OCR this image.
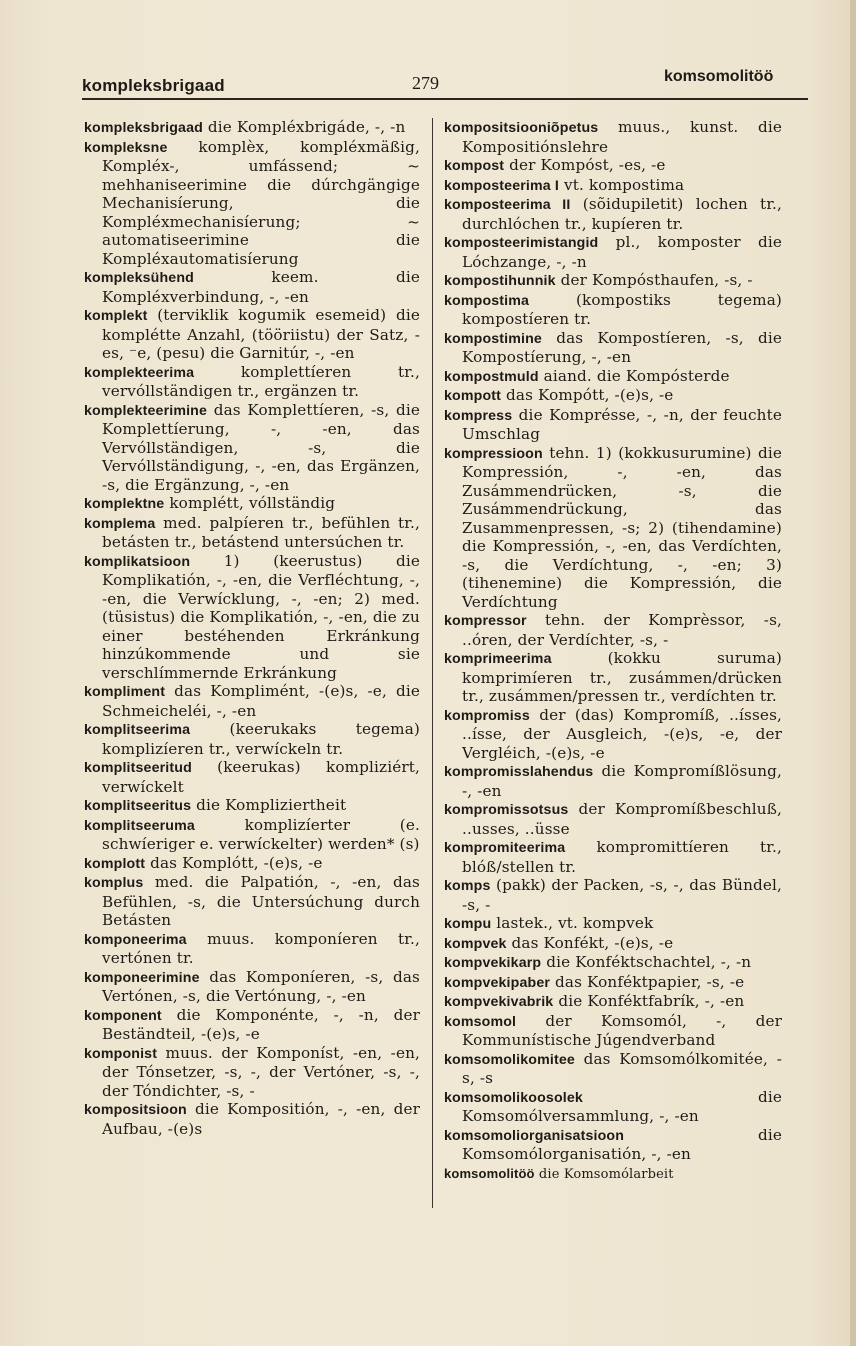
kompleksbrigaad	279	komsomolitöö
kompleksbrigaad die Kompléxbrigáde, -, -n
kompleksne komplèx, kompléxmäßig, Kompléx-, umfássend; ~ mehhaniseerimine die dúrchgängige Mechanisíerung, die Kompléxmechanisíerung; ~ automatiseerimine die Kompléxautomatisíerung
kompleksühend keem. die Kompléxverbindung, -, -en
komplekt (terviklik kogumik esemeid) die komplétte Anzahl, (tööriistu) der Satz, -es, ⁻e, (pesu) die Garnitúr, -, -en
komplekteerima komplettíeren tr., vervóllständigen tr., ergänzen tr.
komplekteerimine das Komplettíeren, -s, die Komplettíerung, -, -en, das Vervóllständigen, -s, die Vervóllständigung, -, -en, das Ergänzen, -s, die Ergänzung, -, -en
komplektne komplétt, vóllständig
komplema med. palpíeren tr., befühlen tr., betásten tr., betástend untersúchen tr.
komplikatsioon 1) (keerustus) die Komplikatión, -, -en, die Verfléchtung, -, -en, die Verwícklung, -, -en; 2) med. (tüsistus) die Komplikatión, -, -en, die zu einer bestéhenden Erkránkung hinzúkommende und sie verschlímmernde Erkránkung
kompliment das Komplimént, -(e)s, -e, die Schmeicheléi, -, -en
komplitseerima (keerukaks tegema) komplizíeren tr., verwíckeln tr.
komplitseeritud (keerukas) kompliziért, verwíckelt
komplitseeritus die Kompliziertheit
komplitseeruma komplizíerter (e. schwíeriger e. verwíckelter) werden* (s)
komplott das Komplótt, -(e)s, -e
komplus med. die Palpatión, -, -en, das Befühlen, -s, die Untersúchung durch Betásten
komponeerima muus. komponíeren tr., vertónen tr.
komponeerimine das Komponíeren, -s, das Vertónen, -s, die Vertónung, -, -en
komponent die Komponénte, -, -n, der Beständteil, -(e)s, -e
komponist muus. der Komponíst, -en, -en, der Tónsetzer, -s, -, der Vertóner, -s, -, der Tóndichter, -s, -
kompositsioon die Kompositión, -, -en, der Aufbau, -(e)s
kompositsiooniõpetus muus., kunst. die Kompositiónslehre
kompost der Kompóst, -es, -e
komposteerima I vt. kompostima
komposteerima II (sõidupiletit) lochen tr., durchlóchen tr., kupíeren tr.
komposteerimistangid pl., komposter die Lóchzange, -, -n
kompostihunnik der Kompósthaufen, -s, -
kompostima (kompostiks tegema) kompostíeren tr.
kompostimine das Kompostíeren, -s, die Kompostíerung, -, -en
kompostmuld aiand. die Kompósterde
kompott das Kompótt, -(e)s, -e
kompress die Komprésse, -, -n, der feuchte Umschlag
kompressioon tehn. 1) (kokkusurumine) die Kompressión, -, -en, das Zusámmendrücken, -s, die Zusámmendrückung, das Zusammenpressen, -s; 2) (tihendamine) die Kompressión, -, -en, das Verdíchten, -s, die Verdíchtung, -, -en; 3) (tihenemine) die Kompressión, die Verdíchtung
kompressor tehn. der Komprèssor, -s, ..óren, der Verdíchter, -s, -
komprimeerima (kokku suruma) komprimíeren tr., zusámmen/drücken tr., zusámmen/pressen tr., verdíchten tr.
kompromiss der (das) Kompromíß, ..ísses, ..ísse, der Ausgleich, -(e)s, -e, der Vergléich, -(e)s, -e
kompromisslahendus die Kompromíßlösung, -, -en
kompromissotsus der Kompromíßbeschluß, ..usses, ..üsse
kompromiteerima kompromittíeren tr., blóß/stellen tr.
komps (pakk) der Packen, -s, -, das Bündel, -s, -
kompu lastek., vt. kompvek
kompvek das Konfékt, -(e)s, -e
kompvekikarp die Konféktschachtel, -, -n
kompvekipaber das Konféktpapier, -s, -e
kompvekivabrik die Konféktfabrík, -, -en
komsomol der Komsomól, -, der Kommunístische Júgendverband
komsomolikomitee das Komsomólkomitée, -s, -s
komsomolikoosolek die Komsomólversammlung, -, -en
komsomoliorganisatsioon die Komsomólorganisatión, -, -en
komsomolitöö die Komsomólarbeit
